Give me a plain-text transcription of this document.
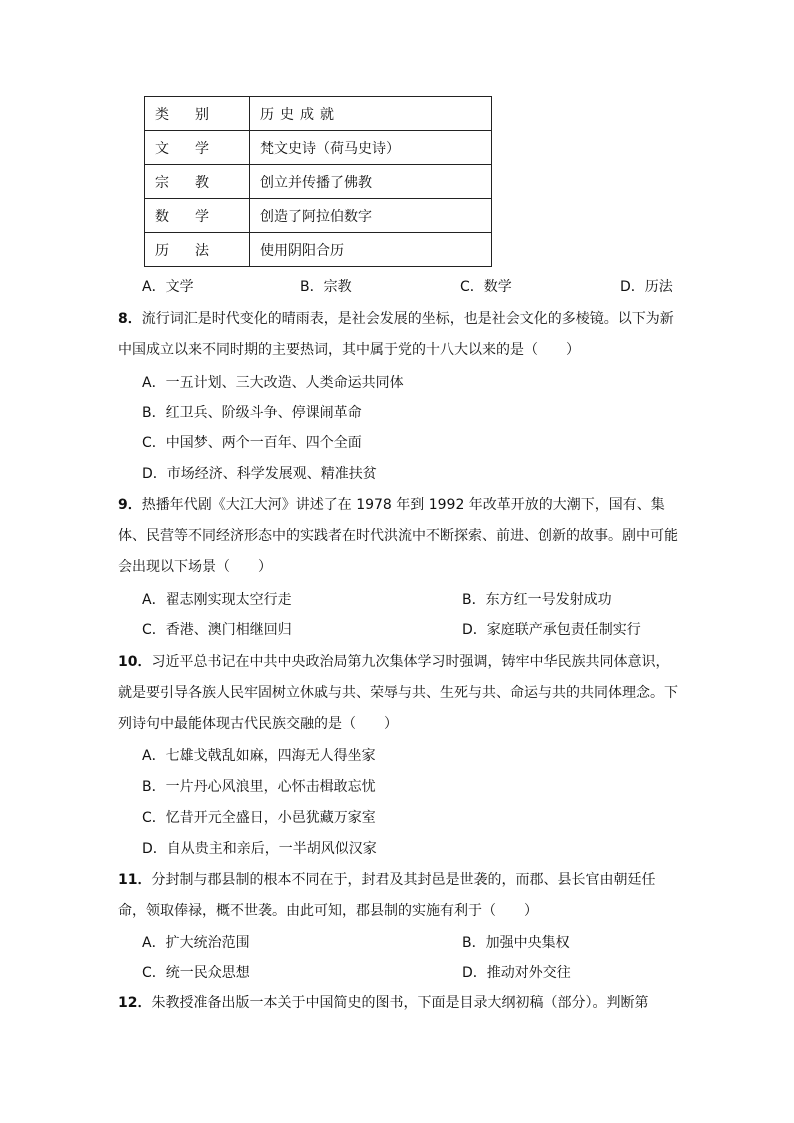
类别	历史成就
文学	梵文史诗（荷马史诗）
宗教	创立并传播了佛教
数学	创造了阿拉伯数字
历法	使用阴阳合历
A．文学	B．宗教	C．数学	D．历法
8．流行词汇是时代变化的晴雨表，是社会发展的坐标，也是社会文化的多棱镜。以下为新中国成立以来不同时期的主要热词，其中属于党的十八大以来的是（　　）
A．一五计划、三大改造、人类命运共同体
B．红卫兵、阶级斗争、停课闹革命
C．中国梦、两个一百年、四个全面
D．市场经济、科学发展观、精准扶贫
9．热播年代剧《大江大河》讲述了在 1978 年到 1992 年改革开放的大潮下，国有、集体、民营等不同经济形态中的实践者在时代洪流中不断探索、前进、创新的故事。剧中可能会出现以下场景（　　）
A．翟志刚实现太空行走	B．东方红一号发射成功
C．香港、澳门相继回归	D．家庭联产承包责任制实行
10．习近平总书记在中共中央政治局第九次集体学习时强调，铸牢中华民族共同体意识，就是要引导各族人民牢固树立休戚与共、荣辱与共、生死与共、命运与共的共同体理念。下列诗句中最能体现古代民族交融的是（　　）
A．七雄戈戟乱如麻，四海无人得坐家
B．一片丹心风浪里，心怀击楫敢忘忧
C．忆昔开元全盛日，小邑犹藏万家室
D．自从贵主和亲后，一半胡风似汉家
11．分封制与郡县制的根本不同在于，封君及其封邑是世袭的，而郡、县长官由朝廷任命，领取俸禄，概不世袭。由此可知，郡县制的实施有利于（　　）
A．扩大统治范围	B．加强中央集权
C．统一民众思想	D．推动对外交往
12．朱教授准备出版一本关于中国简史的图书，下面是目录大纲初稿（部分）。判断第
